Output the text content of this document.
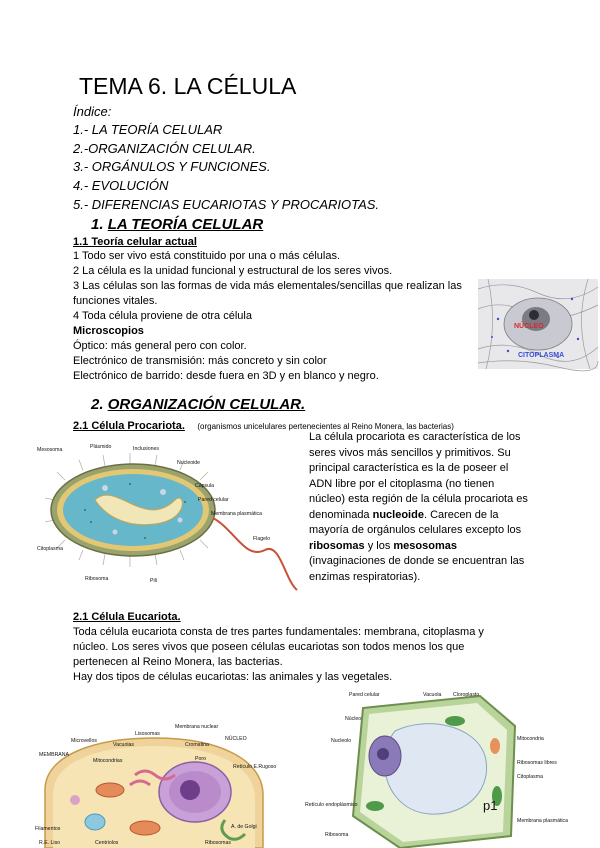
TEMA 6. LA CÉLULA
Índice:
1.- LA TEORÍA CELULAR
2.-ORGANIZACIÓN CELULAR.
3.- ORGÁNULOS Y FUNCIONES.
4.- EVOLUCIÓN
5.- DIFERENCIAS EUCARIOTAS Y PROCARIOTAS.
1. LA TEORÍA CELULAR
1.1 Teoría celular actual
1 Todo ser vivo está constituido por una o más células.
2 La célula es la unidad funcional y estructural de los seres vivos.
3 Las células son las formas de vida más elementales/sencillas que realizan las funciones vitales.
4 Toda célula proviene de otra célula
Microscopios
Óptico: más general pero con color.
Electrónico de transmisión: más concreto y sin color
Electrónico de barrido: desde fuera en 3D y en blanco y negro.
NÚCLEO
CITOPLASMA
2. ORGANIZACIÓN CELULAR.
2.1 Célula Procariota. (organismos unicelulares pertenecientes al Reino Monera, las bacterias)
Mesosoma	Plásmido	Inclusiones
Nucleoide
Cápsula
Pared celular
Membrana plasmática
Flagelo
Citoplasma
Ribosoma	Pili
La célula procariota es característica de los seres vivos más sencillos y primitivos. Su principal característica es la de poseer el ADN libre por el citoplasma (no tienen núcleo) esta región de la célula procariota es denominada nucleoide. Carecen de la mayoría de orgánulos celulares excepto los ribosomas y los mesosomas (invaginaciones de donde se encuentran las enzimas respiratorias).
2.1 Célula Eucariota.
Toda célula eucariota consta de tres partes fundamentales: membrana, citoplasma y núcleo. Los seres vivos que poseen células eucariotas son todos menos los que pertenecen al Reino Monera, las bacterias.
Hay dos tipos de células eucariotas: las animales y las vegetales.
Microvellos
MEMBRANA
Vacuolas
Lisosomas
Membrana nuclear
NÚCLEO
Cromatina
Poro
Retículo E.Rugoso
A. de Golgi
Mitocondrias
Filamentos
R.E. Liso	Centriolos	Ribosomas
Pared celular	Vacuola Cloroplasto
Núcleo
Nucleolo	Mitocondria
Ribosomas libres
Citoplasma
Retículo endoplásmico
Ribosoma
Membrana plasmática
p1
